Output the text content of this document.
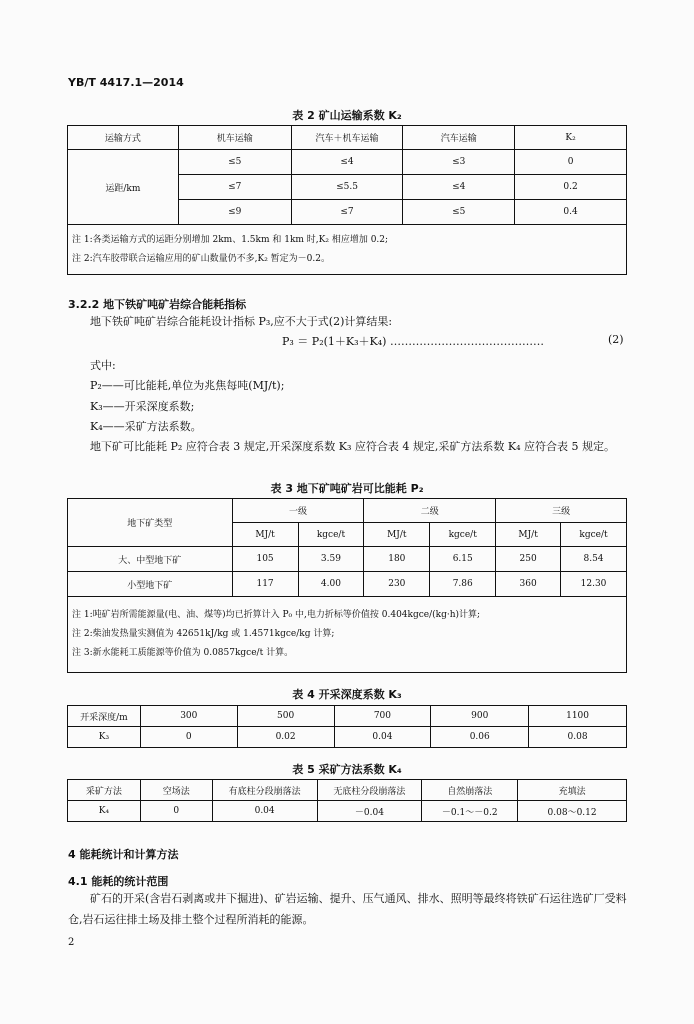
YB/T 4417.1—2014
表 2 矿山运输系数 K₂
运输方式	机车运输	汽车＋机车运输	汽车运输	K₂
运距/km	≤5	≤4	≤3	0
	≤7	≤5.5	≤4	0.2
	≤9	≤7	≤5	0.4

注 1:各类运输方式的运距分别增加 2km、1.5km 和 1km 时,K₂ 相应增加 0.2;
注 2:汽车胶带联合运输应用的矿山数量仍不多,K₂ 暂定为－0.2。				
3.2.2 地下铁矿吨矿岩综合能耗指标
地下铁矿吨矿岩综合能耗设计指标 P₃,应不大于式(2)计算结果:
P₃ ＝ P₂(1＋K₃＋K₄) ……………………………………	(2)
式中:
P₂——可比能耗,单位为兆焦每吨(MJ/t);
K₃——开采深度系数;
K₄——采矿方法系数。
地下矿可比能耗 P₂ 应符合表 3 规定,开采深度系数 K₃ 应符合表 4 规定,采矿方法系数 K₄ 应符合表 5 规定。
表 3 地下矿吨矿岩可比能耗 P₂
地下矿类型	一级		二级		三级	
	MJ/t	kgce/t	MJ/t	kgce/t	MJ/t	kgce/t
大、中型地下矿	105	3.59	180	6.15	250	8.54
小型地下矿	117	4.00	230	7.86	360	12.30

注 1:吨矿岩所需能源量(电、油、煤等)均已折算计入 P₀ 中,电力折标等价值按 0.404kgce/(kg·h)计算;
注 2:柴油发热量实测值为 42651kJ/kg 或 1.4571kgce/kg 计算;
注 3:新水能耗工质能源等价值为 0.0857kgce/t 计算。						
表 4 开采深度系数 K₃
开采深度/m	300	500	700	900	1100
K₃	0	0.02	0.04	0.06	0.08
表 5 采矿方法系数 K₄
采矿方法	空场法	有底柱分段崩落法	无底柱分段崩落法	自然崩落法	充填法
K₄	0	0.04	－0.04	－0.1～－0.2	0.08～0.12
4 能耗统计和计算方法
4.1 能耗的统计范围
矿石的开采(含岩石剥离或井下掘进)、矿岩运输、提升、压气通风、排水、照明等最终将铁矿石运往选矿厂受料仓,岩石运往排土场及排土整个过程所消耗的能源。
2
